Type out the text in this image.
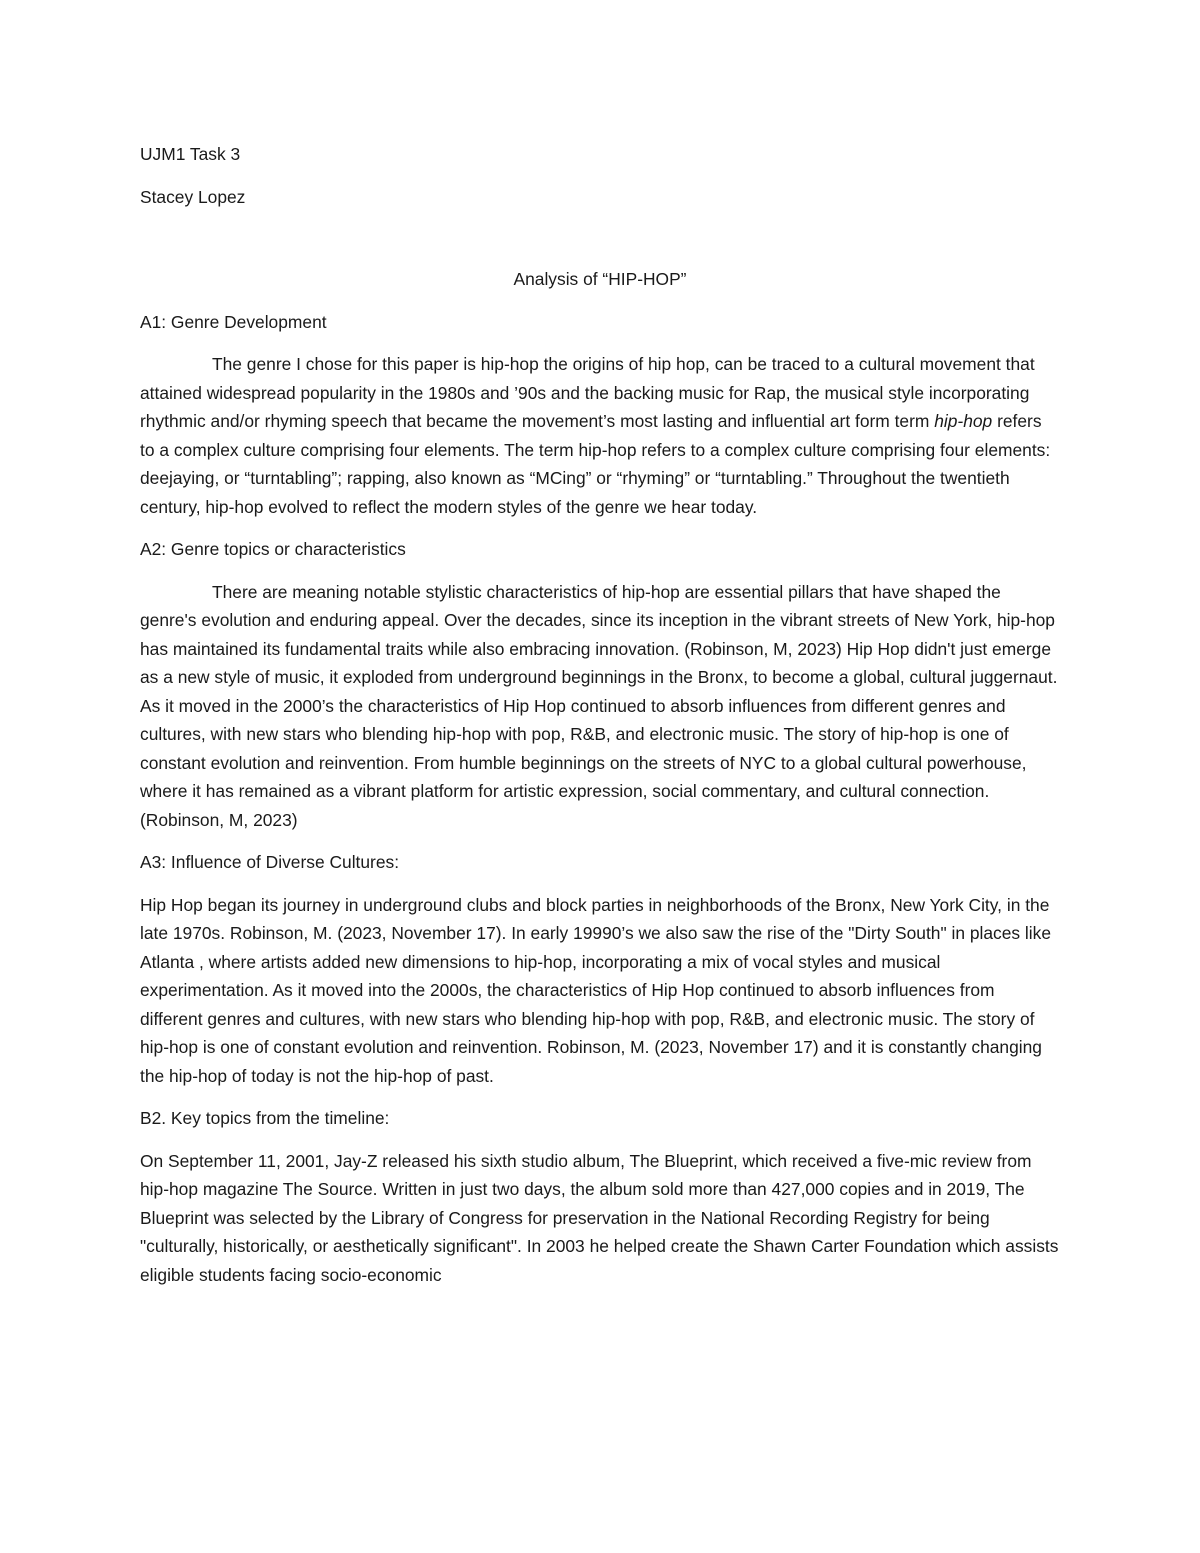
UJM1 Task 3

Stacey Lopez

Analysis of “HIP-HOP”

A1: Genre Development

The genre I chose for this paper is hip-hop the origins of hip hop, can be traced to a cultural movement that attained widespread popularity in the 1980s and ’90s and the backing music for Rap, the musical style incorporating rhythmic and/or rhyming speech that became the movement’s most lasting and influential art form term hip-hop refers to a complex culture comprising four elements. The term hip-hop refers to a complex culture comprising four elements: deejaying, or “turntabling”; rapping, also known as “MCing” or “rhyming” or “turntabling.” Throughout the twentieth century, hip-hop evolved to reflect the modern styles of the genre we hear today.

A2: Genre topics or characteristics

There are meaning notable stylistic characteristics of hip-hop are essential pillars that have shaped the genre's evolution and enduring appeal. Over the decades, since its inception in the vibrant streets of New York, hip-hop has maintained its fundamental traits while also embracing innovation. (Robinson, M, 2023) Hip Hop didn't just emerge as a new style of music, it exploded from underground beginnings in the Bronx, to become a global, cultural juggernaut. As it moved in the 2000’s the characteristics of Hip Hop continued to absorb influences from different genres and cultures, with new stars who blending hip-hop with pop, R&B, and electronic music. The story of hip-hop is one of constant evolution and reinvention. From humble beginnings on the streets of NYC to a global cultural powerhouse, where it has remained as a vibrant platform for artistic expression, social commentary, and cultural connection. (Robinson, M, 2023)

A3: Influence of Diverse Cultures:

Hip Hop began its journey in underground clubs and block parties in neighborhoods of the Bronx, New York City, in the late 1970s. Robinson, M. (2023, November 17). In early 19990’s we also saw the rise of the "Dirty South" in places like Atlanta , where artists added new dimensions to hip-hop, incorporating a mix of vocal styles and musical experimentation. As it moved into the 2000s, the characteristics of Hip Hop continued to absorb influences from different genres and cultures, with new stars who blending hip-hop with pop, R&B, and electronic music. The story of hip-hop is one of constant evolution and reinvention. Robinson, M. (2023, November 17) and it is constantly changing the hip-hop of today is not the hip-hop of past.

B2. Key topics from the timeline:

On September 11, 2001, Jay-Z released his sixth studio album, The Blueprint, which received a five-mic review from hip-hop magazine The Source. Written in just two days, the album sold more than 427,000 copies and in 2019, The Blueprint was selected by the Library of Congress for preservation in the National Recording Registry for being "culturally, historically, or aesthetically significant". In 2003 he helped create the Shawn Carter Foundation which assists eligible students facing socio-economic
